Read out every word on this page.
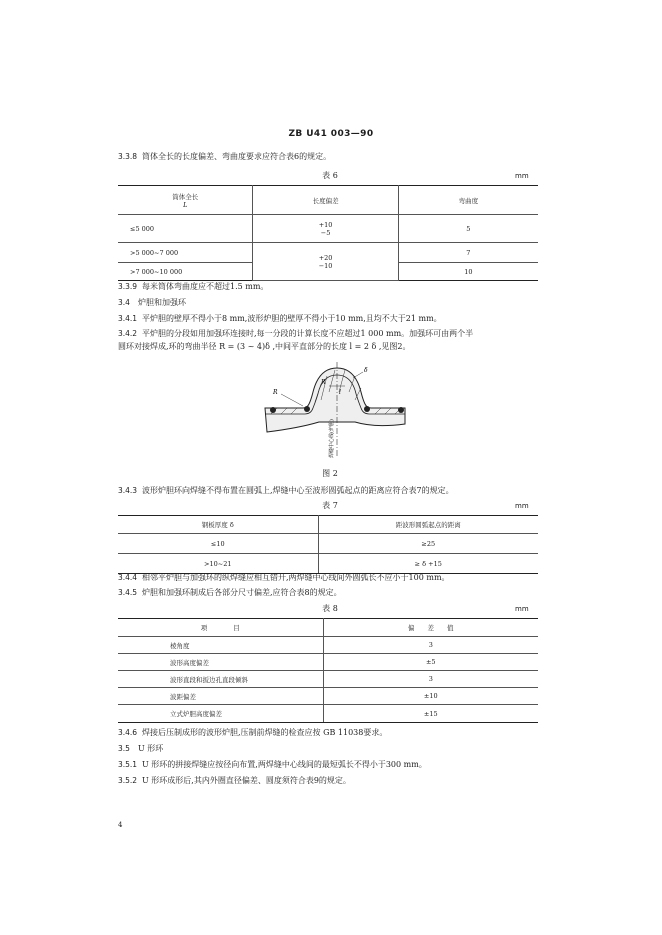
ZB U41 003—90
3.3.8 筒体全长的长度偏差、弯曲度要求应符合表6的规定。
表 6	mm
筒体全长
L	长度偏差	弯曲度
≤5 000	+10
−5	5
>5 000~7 000	+20
−10	7
>7 000~10 000		10
3.3.9 每米筒体弯曲度应不超过1.5 mm。
3.4 炉胆和加强环
3.4.1 平炉胆的壁厚不得小于8 mm,波形炉胆的壁厚不得小于10 mm,且均不大于21 mm。
3.4.2 平炉胆的分段如用加强环连接时,每一分段的计算长度不应超过1 000 mm。加强环可由两个半
圆环对接焊成,环的弯曲半径 R = (3 ~ 4)δ ,中间平直部分的长度 l = 2 δ ,见图2。
R
δ
l
R
焊缝中心线(炉胆)
图 2
3.4.3 波形炉胆环向焊缝不得布置在圆弧上,焊缝中心至波形圆弧起点的距离应符合表7的规定。
表 7	mm
钢板厚度 δ	距波形圆弧起点的距离
≤10	≥25
>10~21	≥ δ +15
3.4.4 相邻平炉胆与加强环的纵焊缝应相互错开,两焊缝中心线间外圆弧长不应小于100 mm。
3.4.5 炉胆和加强环制成后各部分尺寸偏差,应符合表8的规定。
表 8	mm
项　　　　目	偏　　差　　值
棱角度	3
波形高度偏差	±5
波形直段和扳边孔直段倾斜	3
波距偏差	±10
立式炉胆高度偏差	±15
3.4.6 焊接后压制成形的波形炉胆,压制前焊缝的检查应按 GB 11038要求。
3.5 U 形环
3.5.1 U 形环的拼接焊缝应按径向布置,两焊缝中心线间的最短弧长不得小于300 mm。
3.5.2 U 形环成形后,其内外圈直径偏差、圆度须符合表9的规定。
4
